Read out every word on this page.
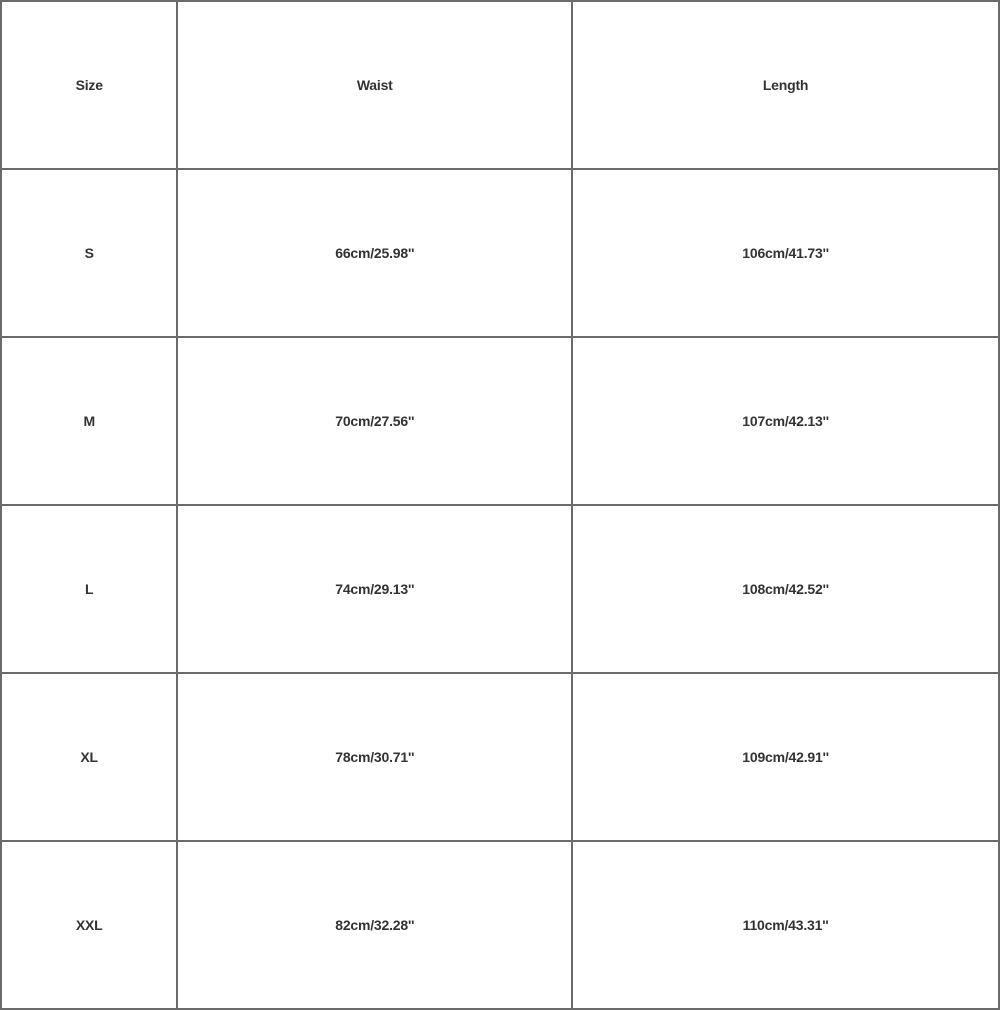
Size	Waist	Length
S	66cm/25.98''	106cm/41.73''
M	70cm/27.56''	107cm/42.13''
L	74cm/29.13''	108cm/42.52''
XL	78cm/30.71''	109cm/42.91''
XXL	82cm/32.28''	110cm/43.31''
